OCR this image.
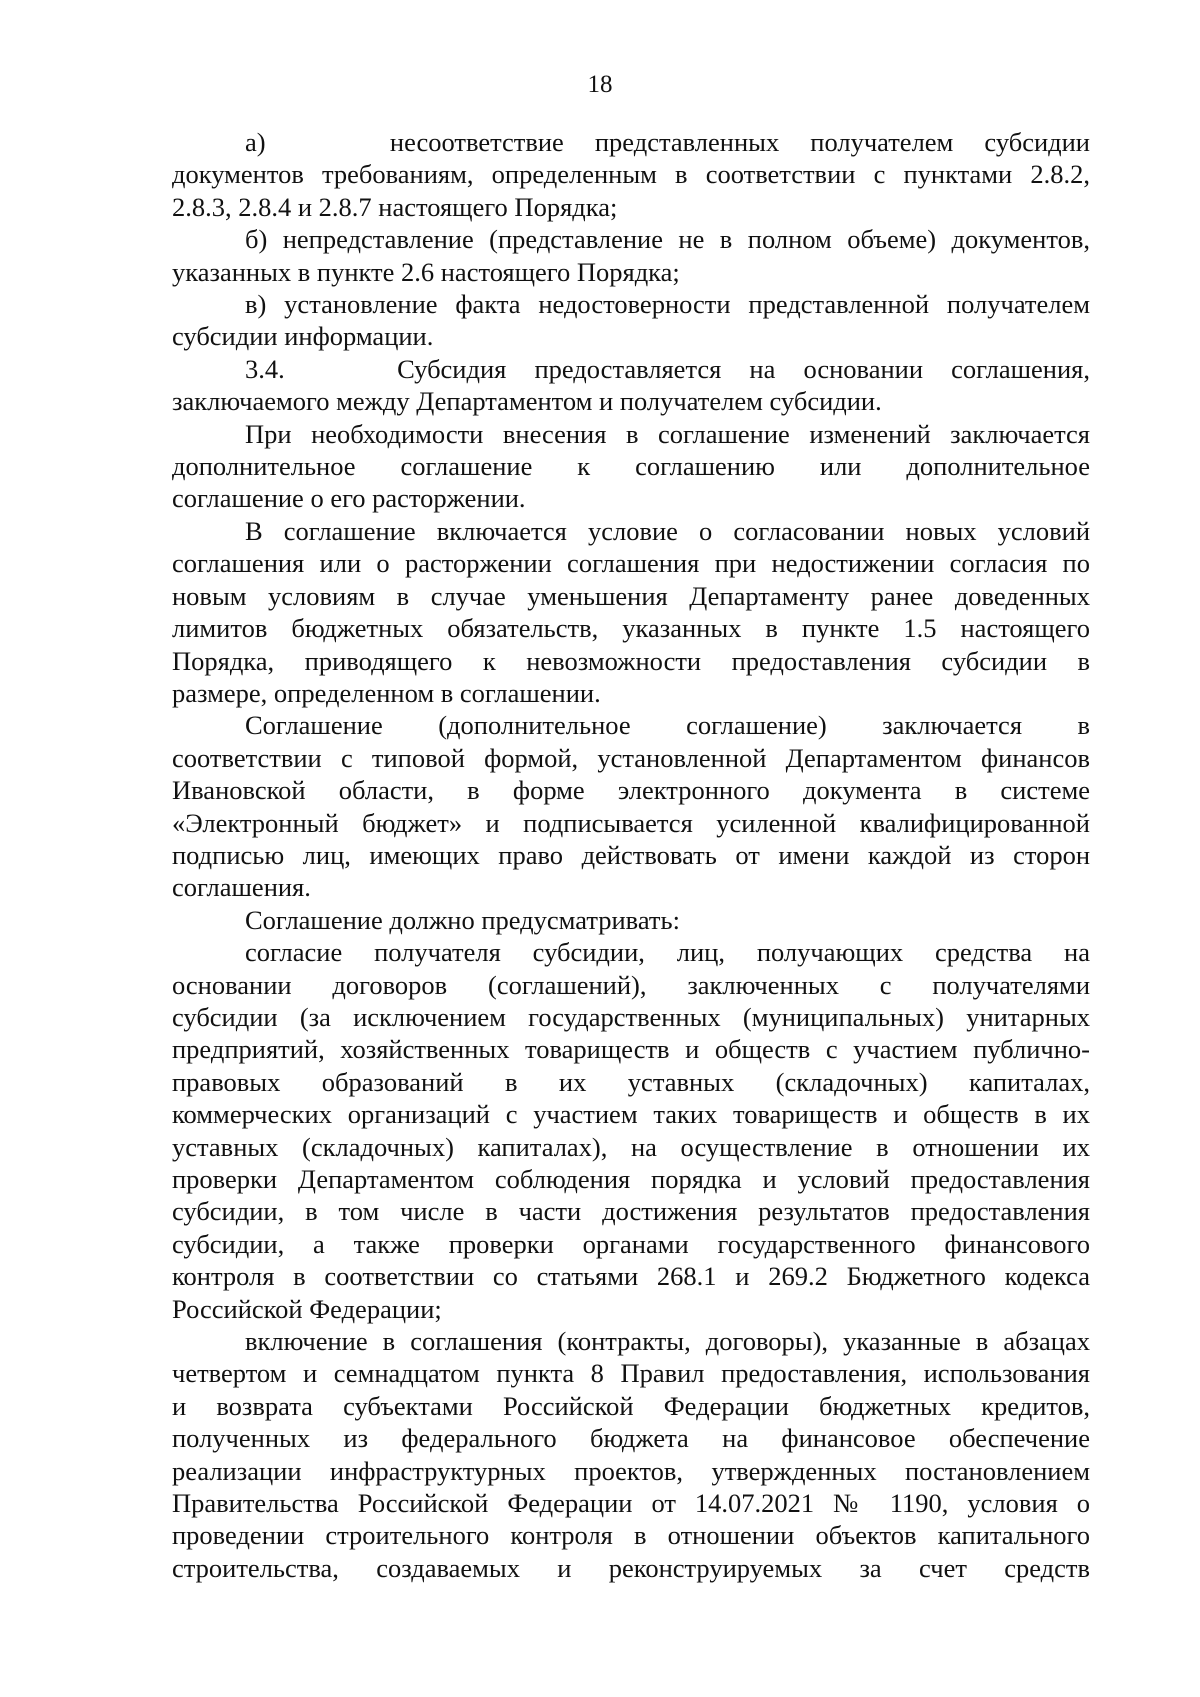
18
а)    несоответствие представленных получателем субсидии
документов требованиям, определенным в соответствии с пунктами 2.8.2,
2.8.3, 2.8.4 и 2.8.7 настоящего Порядка;
б) непредставление (представление не в полном объеме) документов,
указанных в пункте 2.6 настоящего Порядка;
в) установление факта недостоверности представленной получателем
субсидии информации.
3.4.    Субсидия предоставляется на основании соглашения,
заключаемого между Департаментом и получателем субсидии.
При необходимости внесения в соглашение изменений заключается
дополнительное соглашение к соглашению или дополнительное
соглашение о его расторжении.
В соглашение включается условие о согласовании новых условий
соглашения или о расторжении соглашения при недостижении согласия по
новым условиям в случае уменьшения Департаменту ранее доведенных
лимитов бюджетных обязательств, указанных в пункте 1.5 настоящего
Порядка, приводящего к невозможности предоставления субсидии в
размере, определенном в соглашении.
Соглашение (дополнительное соглашение) заключается в
соответствии с типовой формой, установленной Департаментом финансов
Ивановской области, в форме электронного документа в системе
«Электронный бюджет» и подписывается усиленной квалифицированной
подписью лиц, имеющих право действовать от имени каждой из сторон
соглашения.
Соглашение должно предусматривать:
согласие получателя субсидии, лиц, получающих средства на
основании договоров (соглашений), заключенных с получателями
субсидии (за исключением государственных (муниципальных) унитарных
предприятий, хозяйственных товариществ и обществ с участием публично-
правовых образований в их уставных (складочных) капиталах,
коммерческих организаций с участием таких товариществ и обществ в их
уставных (складочных) капиталах), на осуществление в отношении их
проверки Департаментом соблюдения порядка и условий предоставления
субсидии, в том числе в части достижения результатов предоставления
субсидии, а также проверки органами государственного финансового
контроля в соответствии со статьями 268.1 и 269.2 Бюджетного кодекса
Российской Федерации;
включение в соглашения (контракты, договоры), указанные в абзацах
четвертом и семнадцатом пункта 8 Правил предоставления, использования
и возврата субъектами Российской Федерации бюджетных кредитов,
полученных из федерального бюджета на финансовое обеспечение
реализации инфраструктурных проектов, утвержденных постановлением
Правительства Российской Федерации от 14.07.2021 № 1190, условия о
проведении строительного контроля в отношении объектов капитального
строительства, создаваемых и реконструируемых за счет средств
